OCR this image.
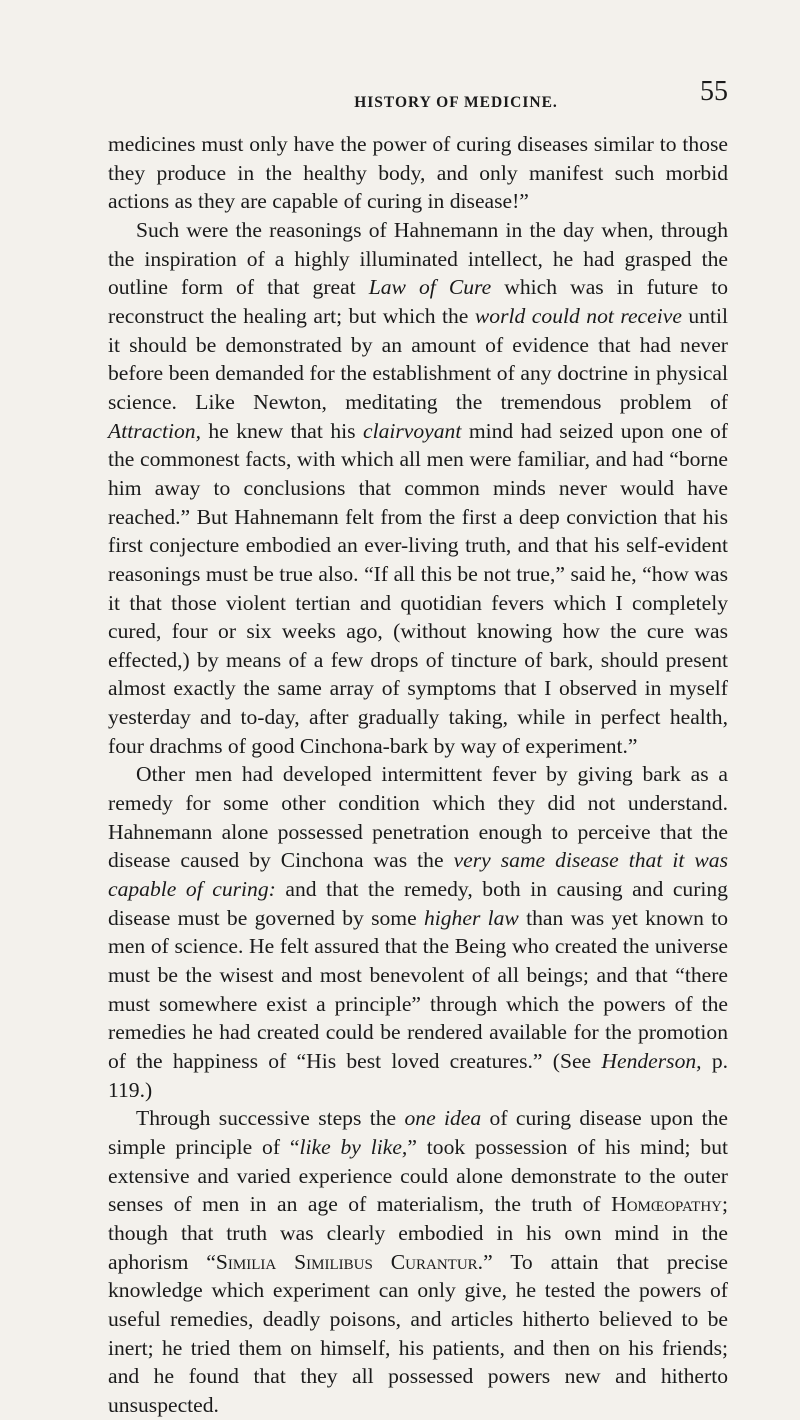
HISTORY OF MEDICINE.	55

medicines must only have the power of curing diseases similar to those they produce in the healthy body, and only manifest such morbid actions as they are capable of curing in disease!”

Such were the reasonings of Hahnemann in the day when, through the inspiration of a highly illuminated intellect, he had grasped the outline form of that great Law of Cure which was in future to reconstruct the healing art; but which the world could not receive until it should be demonstrated by an amount of evidence that had never before been demanded for the establishment of any doctrine in physical science. Like Newton, meditating the tremendous problem of Attraction, he knew that his clairvoyant mind had seized upon one of the commonest facts, with which all men were familiar, and had “borne him away to conclusions that common minds never would have reached.” But Hahnemann felt from the first a deep conviction that his first conjecture embodied an ever-living truth, and that his self-evident reasonings must be true also. “If all this be not true,” said he, “how was it that those violent tertian and quotidian fevers which I completely cured, four or six weeks ago, (without knowing how the cure was effected,) by means of a few drops of tincture of bark, should present almost exactly the same array of symptoms that I observed in myself yesterday and to-day, after gradually taking, while in perfect health, four drachms of good Cinchona-bark by way of experiment.”

Other men had developed intermittent fever by giving bark as a remedy for some other condition which they did not understand. Hahnemann alone possessed penetration enough to perceive that the disease caused by Cinchona was the very same disease that it was capable of curing: and that the remedy, both in causing and curing disease must be governed by some higher law than was yet known to men of science. He felt assured that the Being who created the universe must be the wisest and most benevolent of all beings; and that “there must somewhere exist a principle” through which the powers of the remedies he had created could be rendered available for the promotion of the happiness of “His best loved creatures.” (See Henderson, p. 119.)

Through successive steps the one idea of curing disease upon the simple principle of “like by like,” took possession of his mind; but extensive and varied experience could alone demonstrate to the outer senses of men in an age of materialism, the truth of Homœopathy; though that truth was clearly embodied in his own mind in the aphorism “Similia Similibus Curantur.” To attain that precise knowledge which experiment can only give, he tested the powers of useful remedies, deadly poisons, and articles hitherto believed to be inert; he tried them on himself, his patients, and then on his friends; and he found that they all possessed powers new and hitherto unsuspected.
